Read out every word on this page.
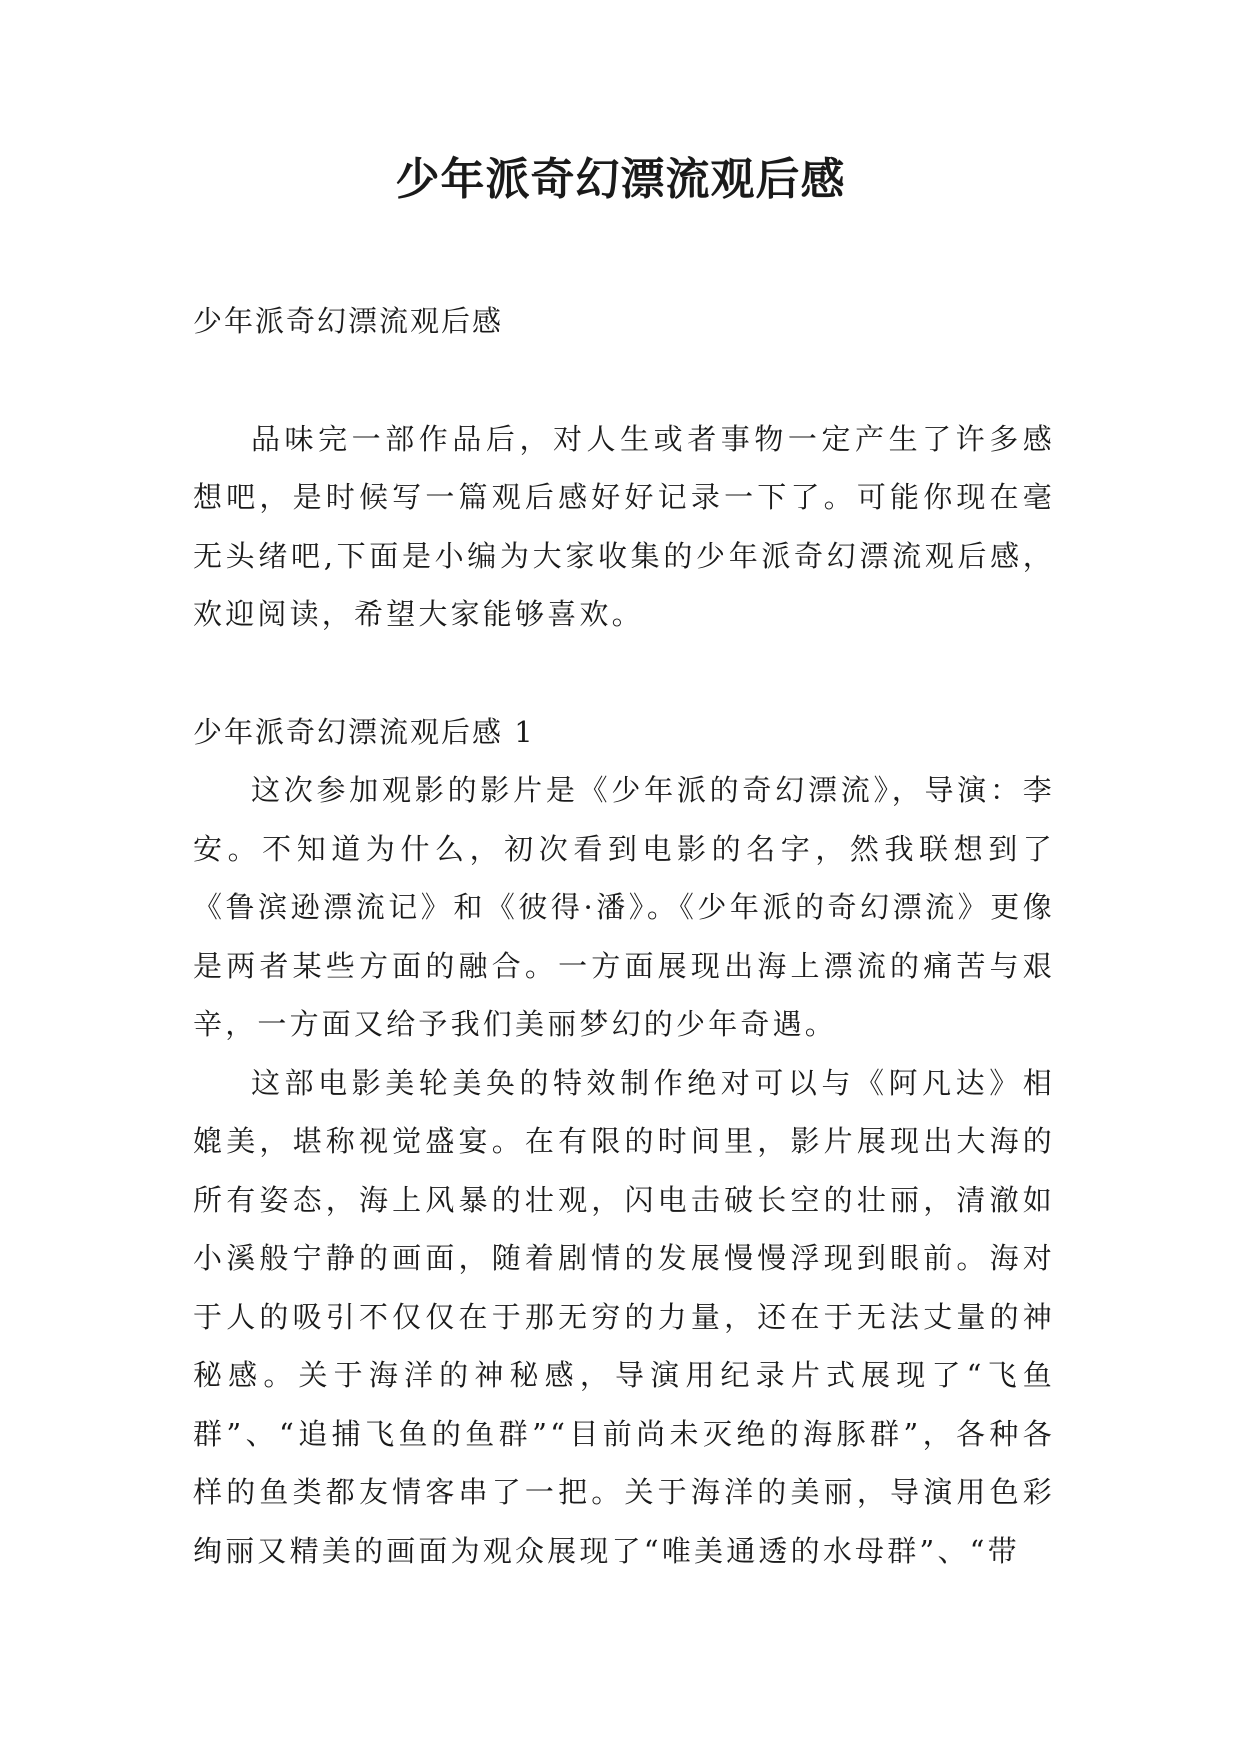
少年派奇幻漂流观后感

少年派奇幻漂流观后感

品味完一部作品后，对人生或者事物一定产生了许多感想吧，是时候写一篇观后感好好记录一下了。可能你现在毫无头绪吧,下面是小编为大家收集的少年派奇幻漂流观后感，欢迎阅读，希望大家能够喜欢。

少年派奇幻漂流观后感 1

这次参加观影的影片是《少年派的奇幻漂流》，导演：李安。不知道为什么，初次看到电影的名字，然我联想到了《鲁滨逊漂流记》和《彼得·潘》。《少年派的奇幻漂流》更像是两者某些方面的融合。一方面展现出海上漂流的痛苦与艰辛，一方面又给予我们美丽梦幻的少年奇遇。

这部电影美轮美奂的特效制作绝对可以与《阿凡达》相媲美，堪称视觉盛宴。在有限的时间里，影片展现出大海的所有姿态，海上风暴的壮观，闪电击破长空的壮丽，清澈如小溪般宁静的画面，随着剧情的发展慢慢浮现到眼前。海对于人的吸引不仅仅在于那无穷的力量，还在于无法丈量的神秘感。关于海洋的神秘感，导演用纪录片式展现了“飞鱼群”、“追捕飞鱼的鱼群”“目前尚未灭绝的海豚群”，各种各样的鱼类都友情客串了一把。关于海洋的美丽，导演用色彩绚丽又精美的画面为观众展现了“唯美通透的水母群”、“带
